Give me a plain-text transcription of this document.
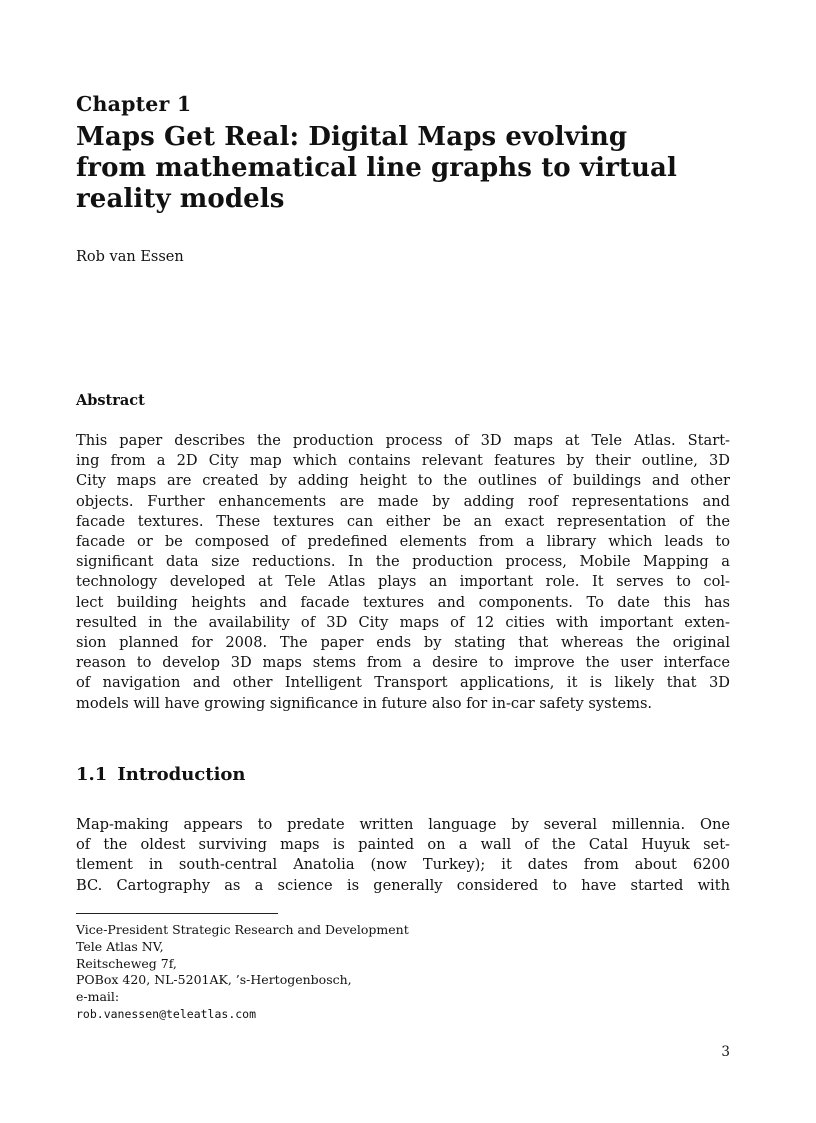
Chapter 1
Maps Get Real: Digital Maps evolving
from mathematical line graphs to virtual
reality models
Rob van Essen
Abstract
This paper describes the production process of 3D maps at Tele Atlas. Start-
ing from a 2D City map which contains relevant features by their outline, 3D
City maps are created by adding height to the outlines of buildings and other
objects. Further enhancements are made by adding roof representations and
facade textures. These textures can either be an exact representation of the
facade or be composed of predefined elements from a library which leads to
significant data size reductions. In the production process, Mobile Mapping a
technology developed at Tele Atlas plays an important role. It serves to col-
lect building heights and facade textures and components. To date this has
resulted in the availability of 3D City maps of 12 cities with important exten-
sion planned for 2008. The paper ends by stating that whereas the original
reason to develop 3D maps stems from a desire to improve the user interface
of navigation and other Intelligent Transport applications, it is likely that 3D
models will have growing significance in future also for in-car safety systems.
1.1 Introduction
Map-making appears to predate written language by several millennia. One
of the oldest surviving maps is painted on a wall of the Catal Huyuk set-
tlement in south-central Anatolia (now Turkey); it dates from about 6200
BC. Cartography as a science is generally considered to have started with
Vice-President Strategic Research and Development
Tele Atlas NV,
Reitscheweg 7f,
POBox 420, NL-5201AK, ’s-Hertogenbosch,
e-mail:
rob.vanessen@teleatlas.com
3
